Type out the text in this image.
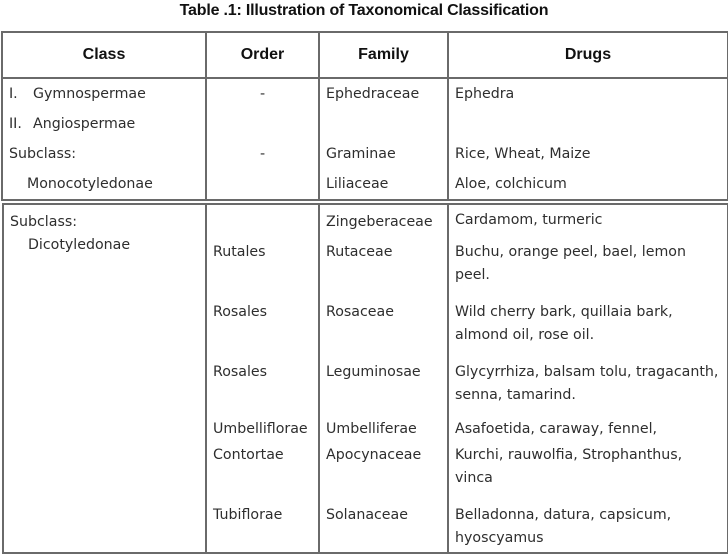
Table .1: Illustration of Taxonomical Classification
Class	Order	Family	Drugs
I. Gymnospermae	-	Ephedraceae	Ephedra
II. Angiospermae			
Subclass:	-	Graminae	Rice, Wheat, Maize
Monocotyledonae		Liliaceae	Aloe, colchicum
Subclass:
Dicotyledonae		Zingeberaceae	Cardamom, turmeric
	Rutales	Rutaceae	Buchu, orange peel, bael, lemon peel.
	Rosales	Rosaceae	Wild cherry bark, quillaia bark, almond oil, rose oil.
	Rosales	Leguminosae	Glycyrrhiza, balsam tolu, tragacanth, senna, tamarind.
	Umbelliflorae	Umbelliferae	Asafoetida, caraway, fennel,
	Contortae	Apocynaceae	Kurchi, rauwolfia, Strophanthus, vinca
	Tubiflorae	Solanaceae	Belladonna, datura, capsicum, hyoscyamus
